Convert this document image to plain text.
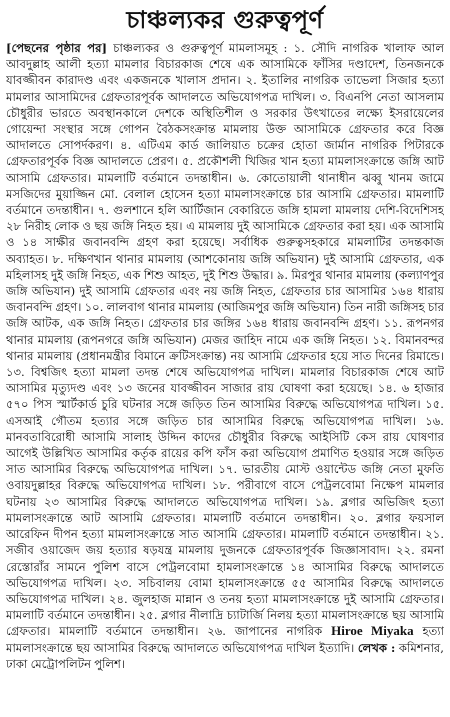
চাঞ্চল্যকর গুরুত্বপূর্ণ

[পেছনের পৃষ্ঠার পর] চাঞ্চল্যকর ও গুরুত্বপূর্ণ মামলাসমূহ : ১. সৌদি নাগরিক খালাফ আল আবদুল্লাহ আলী হত্যা মামলার বিচারকাজ শেষে এক আসামিকে ফাঁসির দণ্ডাদেশ, তিনজনকে যাবজ্জীবন কারাদণ্ড এবং একজনকে খালাস প্রদান। ২. ইতালির নাগরিক তাভেলা সিজার হত্যা মামলার আসামিদের গ্রেফতারপূর্বক আদালতে অভিযোগপত্র দাখিল। ৩. বিএনপি নেতা আসলাম চৌধুরীর ভারতে অবস্থানকালে দেশকে অস্থিতিশীল ও সরকার উৎখাতের লক্ষ্যে ইসরায়েলের গোয়েন্দা সংস্থার সঙ্গে গোপন বৈঠকসংক্রান্ত মামলায় উক্ত আসামিকে গ্রেফতার করে বিজ্ঞ আদালতে সোপর্দকরণ। ৪. এটিএম কার্ড জালিয়াত চক্রের হোতা জার্মান নাগরিক পিটারকে গ্রেফতারপূর্বক বিজ্ঞ আদালতে প্রেরণ। ৫. প্রকৌশলী খিজির খান হত্যা মামলাসংক্রান্তে জঙ্গি আট আসামি গ্রেফতার। মামলাটি বর্তমানে তদন্তাধীন। ৬. কোতোয়ালী থানাধীন ঝব্বু খানম জামে মসজিদের মুয়াজ্জিন মো. বেলাল হোসেন হত্যা মামলাসংক্রান্তে চার আসামি গ্রেফতার। মামলাটি বর্তমানে তদন্তাধীন। ৭. গুলশানে হলি আর্টিজান বেকারিতে জঙ্গি হামলা মামলায় দেশি-বিদেশিসহ ২৮ নিরীহ লোক ও ছয় জঙ্গি নিহত হয়। এ মামলায় দুই আসামিকে গ্রেফতার করা হয়। এক আসামি ও ১৪ সাক্ষীর জবানবন্দি গ্রহণ করা হয়েছে। সর্বাধিক গুরুত্বসহকারে মামলাটির তদন্তকাজ অব্যাহত। ৮. দক্ষিণখান থানার মামলায় (আশকোনায় জঙ্গি অভিযান) দুই আসামি গ্রেফতার, এক মহিলাসহ দুই জঙ্গি নিহত, এক শিশু আহত, দুই শিশু উদ্ধার। ৯. মিরপুর থানার মামলায় (কল্যাণপুর জঙ্গি অভিযান) দুই আসামি গ্রেফতার এবং নয় জঙ্গি নিহত, গ্রেফতার চার আসামির ১৬৪ ধারায় জবানবন্দি গ্রহণ। ১০. লালবাগ থানার মামলায় (আজিমপুর জঙ্গি অভিযান) তিন নারী জঙ্গিসহ চার জঙ্গি আটক, এক জঙ্গি নিহত। গ্রেফতার চার জঙ্গির ১৬৪ ধারায় জবানবন্দি গ্রহণ। ১১. রূপনগর থানার মামলায় (রূপনগরে জঙ্গি অভিযান) মেজর জাহিদ নামে এক জঙ্গি নিহত। ১২. বিমানবন্দর থানার মামলায় (প্রধানমন্ত্রীর বিমানে ক্রটিসংক্রান্ত) নয় আসামি গ্রেফতার হয়ে সাত দিনের রিমান্ডে। ১৩. বিশ্বজিৎ হত্যা মামলা তদন্ত শেষে অভিযোগপত্র দাখিল। মামলার বিচারকাজ শেষে আট আসামির মৃত্যুদণ্ড এবং ১৩ জনের যাবজ্জীবন সাজার রায় ঘোষণা করা হয়েছে। ১৪. ৬ হাজার ৫৭০ পিস স্মার্টকার্ড চুরি ঘটনার সঙ্গে জড়িত তিন আসামির বিরুদ্ধে অভিযোগপত্র দাখিল। ১৫. এসআই গৌতম হত্যার সঙ্গে জড়িত চার আসামির বিরুদ্ধে অভিযোগপত্র দাখিল। ১৬. মানবতাবিরোধী আসামি সালাহ উদ্দিন কাদের চৌধুরীর বিরুদ্ধে আইসিটি কেস রায় ঘোষণার আগেই উল্লিখিত আসামির কর্তৃক রায়ের কপি ফাঁস করা অভিযোগ প্রমাণিত হওয়ার সঙ্গে জড়িত সাত আসামির বিরুদ্ধে অভিযোগপত্র দাখিল। ১৭. ভারতীয় মোস্ট ওয়ান্টেড জঙ্গি নেতা মুফতি ওবায়দুল্লাহর বিরুদ্ধে অভিযোগপত্র দাখিল। ১৮. পরীবাগে বাসে পেট্রলবোমা নিক্ষেপ মামলার ঘটনায় ২৩ আসামির বিরুদ্ধে আদালতে অভিযোগপত্র দাখিল। ১৯. ব্লগার অভিজিৎ হত্যা মামলাসংক্রান্তে আট আসামি গ্রেফতার। মামলাটি বর্তমানে তদন্তাধীন। ২০. ব্লগার ফয়সাল আরেফিন দীপন হত্যা মামলাসংক্রান্তে সাত আসামি গ্রেফতার। মামলাটি বর্তমানে তদন্তাধীন। ২১. সজীব ওয়াজেদ জয় হত্যার ষড়যন্ত্র মামলায় দুজনকে গ্রেফতারপূর্বক জিজ্ঞাসাবাদ। ২২. রমনা রেস্তোরাঁর সামনে পুলিশ বাসে পেট্রলবোমা হামলাসংক্রান্তে ১৪ আসামির বিরুদ্ধে আদালতে অভিযোগপত্র দাখিল। ২৩. সচিবালয় বোমা হামলাসংক্রান্তে ৫৫ আসামির বিরুদ্ধে আদালতে অভিযোগপত্র দাখিল। ২৪. জুলহাজ মান্নান ও তনয় হত্যা মামলাসংক্রান্তে দুই আসামি গ্রেফতার। মামলাটি বর্তমানে তদন্তাধীন। ২৫. ব্লগার নীলাদ্রি চ্যাটার্জি নিলয় হত্যা মামলাসংক্রান্তে ছয় আসামি গ্রেফতার। মামলাটি বর্তমানে তদন্তাধীন। ২৬. জাপানের নাগরিক Hiroe Miyaka হত্যা মামলাসংক্রান্তে ছয় আসামির বিরুদ্ধে আদালতে অভিযোগপত্র দাখিল ইত্যাদি। লেখক : কমিশনার, ঢাকা মেট্রোপলিটন পুলিশ।
